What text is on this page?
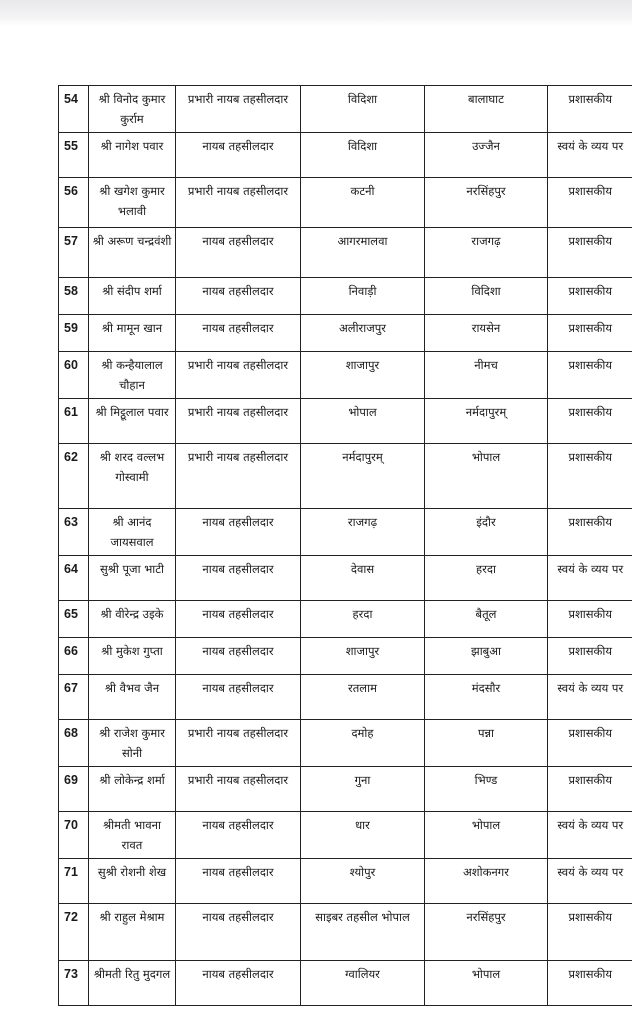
54	श्री विनोद कुमार कुर्राम	प्रभारी नायब तहसीलदार	विदिशा	बालाघाट	प्रशासकीय
55	श्री नागेश पवार	नायब तहसीलदार	विदिशा	उज्जैन	स्वयं के व्यय पर
56	श्री खगेश कुमार भलावी	प्रभारी नायब तहसीलदार	कटनी	नरसिंहपुर	प्रशासकीय
57	श्री अरूण चन्द्रवंशी	नायब तहसीलदार	आगरमालवा	राजगढ़	प्रशासकीय
58	श्री संदीप शर्मा	नायब तहसीलदार	निवाड़ी	विदिशा	प्रशासकीय
59	श्री मामून खान	नायब तहसीलदार	अलीराजपुर	रायसेन	प्रशासकीय
60	श्री कन्हैयालाल चौहान	प्रभारी नायब तहसीलदार	शाजापुर	नीमच	प्रशासकीय
61	श्री मिट्ठूलाल पवार	प्रभारी नायब तहसीलदार	भोपाल	नर्मदापुरम्	प्रशासकीय
62	श्री शरद वल्लभ गोस्वामी	प्रभारी नायब तहसीलदार	नर्मदापुरम्	भोपाल	प्रशासकीय
63	श्री आनंद जायसवाल	नायब तहसीलदार	राजगढ़	इंदौर	प्रशासकीय
64	सुश्री पूजा भाटी	नायब तहसीलदार	देवास	हरदा	स्वयं के व्यय पर
65	श्री वीरेन्द्र उइके	नायब तहसीलदार	हरदा	बैतूल	प्रशासकीय
66	श्री मुकेश गुप्ता	नायब तहसीलदार	शाजापुर	झाबुआ	प्रशासकीय
67	श्री वैभव जैन	नायब तहसीलदार	रतलाम	मंदसौर	स्वयं के व्यय पर
68	श्री राजेश कुमार सोनी	प्रभारी नायब तहसीलदार	दमोह	पन्ना	प्रशासकीय
69	श्री लोकेन्द्र शर्मा	प्रभारी नायब तहसीलदार	गुना	भिण्ड	प्रशासकीय
70	श्रीमती भावना रावत	नायब तहसीलदार	धार	भोपाल	स्वयं के व्यय पर
71	सुश्री रोशनी शेख	नायब तहसीलदार	श्योपुर	अशोकनगर	स्वयं के व्यय पर
72	श्री राहुल मेश्राम	नायब तहसीलदार	साइबर तहसील भोपाल	नरसिंहपुर	प्रशासकीय
73	श्रीमती रितु मुदगल	नायब तहसीलदार	ग्वालियर	भोपाल	प्रशासकीय
